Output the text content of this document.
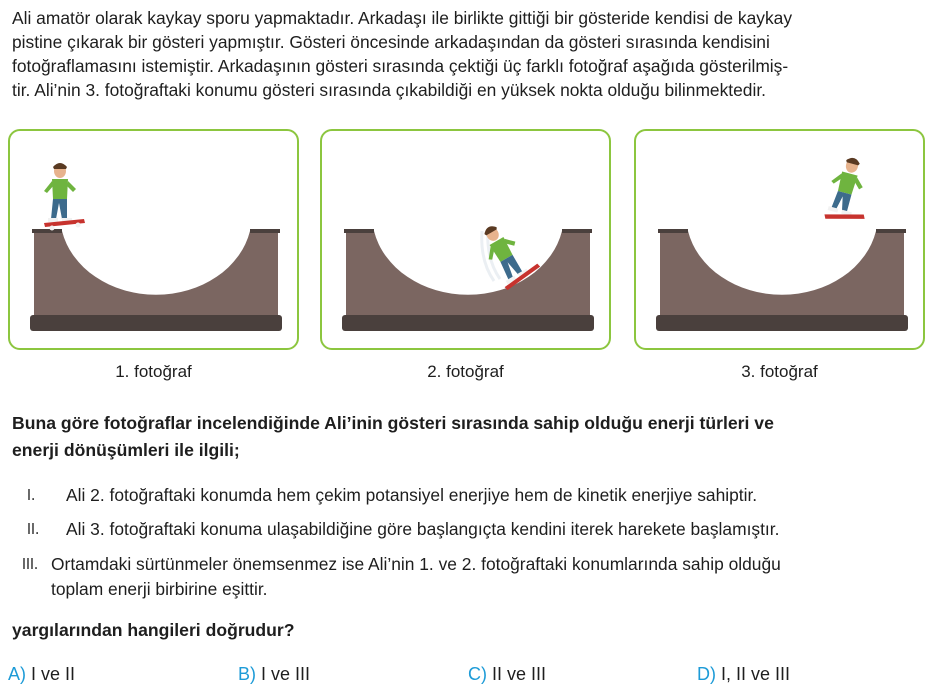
Ali amatör olarak kaykay sporu yapmaktadır. Arkadaşı ile birlikte gittiği bir gösteride kendisi de kaykay
pistine çıkarak bir gösteri yapmıştır. Gösteri öncesinde arkadaşından da gösteri sırasında kendisini
fotoğraflamasını istemiştir. Arkadaşının gösteri sırasında çektiği üç farklı fotoğraf aşağıda gösterilmiş-
tir. Ali’nin 3. fotoğraftaki konumu gösteri sırasında çıkabildiği en yüksek nokta olduğu bilinmektedir.

1. fotoğraf	2. fotoğraf	3. fotoğraf

Buna göre fotoğraflar incelendiğinde Ali’inin gösteri sırasında sahip olduğu enerji türleri ve
enerji dönüşümleri ile ilgili;

I.	Ali 2. fotoğraftaki konumda hem çekim potansiyel enerjiye hem de kinetik enerjiye sahiptir.
II.	Ali 3. fotoğraftaki konuma ulaşabildiğine göre başlangıçta kendini iterek harekete başlamıştır.
III. Ortamdaki sürtünmeler önemsenmez ise Ali’nin 1. ve 2. fotoğraftaki konumlarında sahip olduğu
toplam enerji birbirine eşittir.

yargılarından hangileri doğrudur?

A) I ve II	B) I ve III	C) II ve III	D) I, II ve III
